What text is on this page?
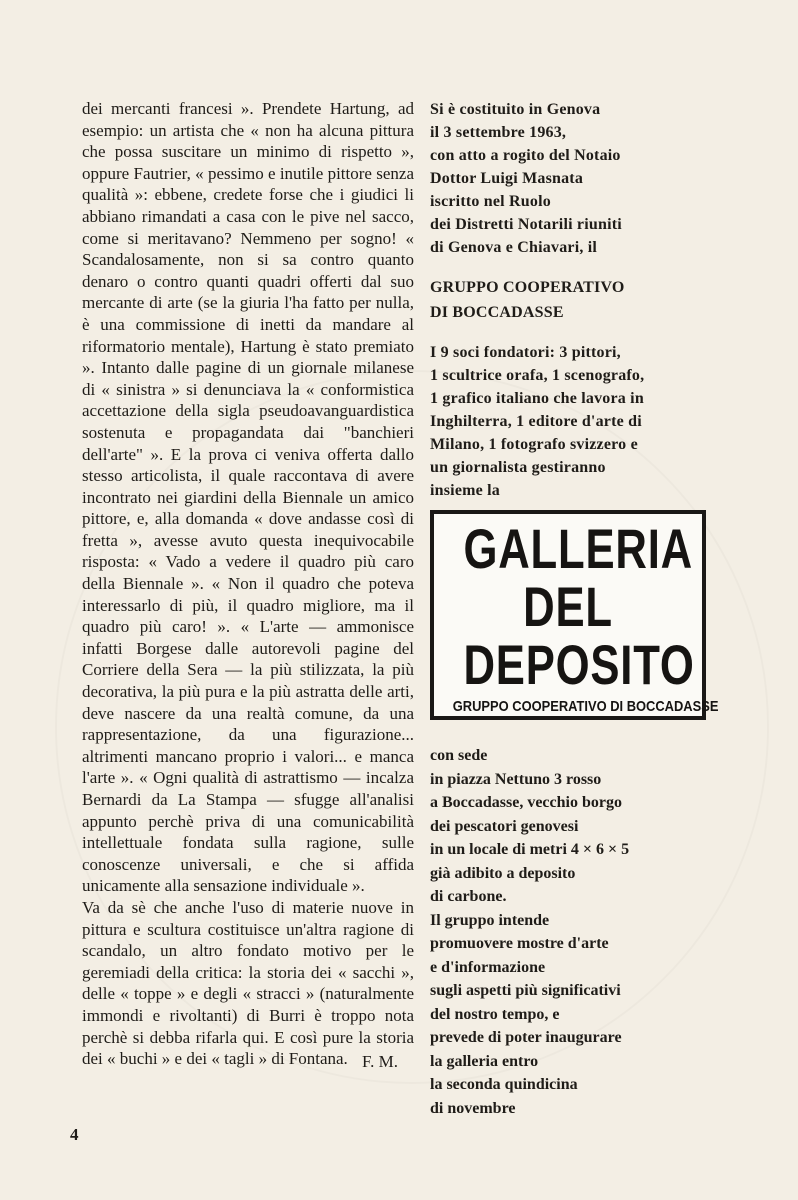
dei mercanti francesi ». Prendete Hartung, ad esempio: un artista che « non ha alcuna pittura che possa suscitare un minimo di rispetto », oppure Fautrier, « pessimo e inutile pittore senza qualità »: ebbene, credete forse che i giudici li abbiano rimandati a casa con le pive nel sacco, come si meritavano? Nemmeno per sogno! « Scandalosamente, non si sa contro quanto denaro o contro quanti quadri offerti dal suo mercante di arte (se la giuria l'ha fatto per nulla, è una commissione di inetti da mandare al riformatorio mentale), Hartung è stato premiato ». Intanto dalle pagine di un giornale milanese di « sinistra » si denunciava la « conformistica accettazione della sigla pseudoavanguardistica sostenuta e propagandata dai "banchieri dell'arte" ». E la prova ci veniva offerta dallo stesso articolista, il quale raccontava di avere incontrato nei giardini della Biennale un amico pittore, e, alla domanda « dove andasse così di fretta », avesse avuto questa inequivocabile risposta: « Vado a vedere il quadro più caro della Biennale ». « Non il quadro che poteva interessarlo di più, il quadro migliore, ma il quadro più caro! ». « L'arte — ammonisce infatti Borgese dalle autorevoli pagine del Corriere della Sera — la più stilizzata, la più decorativa, la più pura e la più astratta delle arti, deve nascere da una realtà comune, da una rappresentazione, da una figurazione... altrimenti mancano proprio i valori... e manca l'arte ». « Ogni qualità di astrattismo — incalza Bernardi da La Stampa — sfugge all'analisi appunto perchè priva di una comunicabilità intellettuale fondata sulla ragione, sulle conoscenze universali, e che si affida unicamente alla sensazione individuale ».

Va da sè che anche l'uso di materie nuove in pittura e scultura costituisce un'altra ragione di scandalo, un altro fondato motivo per le geremiadi della critica: la storia dei « sacchi », delle « toppe » e degli « stracci » (naturalmente immondi e rivoltanti) di Burri è troppo nota perchè si debba rifarla qui. E così pure la storia dei « buchi » e dei « tagli » di Fontana. F. M.
Si è costituito in Genova
il 3 settembre 1963,
con atto a rogito del Notaio
Dottor Luigi Masnata
iscritto nel Ruolo
dei Distretti Notarili riuniti
di Genova e Chiavari, il
GRUPPO COOPERATIVO
DI BOCCADASSE
I 9 soci fondatori: 3 pittori,
1 scultrice orafa, 1 scenografo,
1 grafico italiano che lavora in
Inghilterra, 1 editore d'arte di
Milano, 1 fotografo svizzero e
un giornalista gestiranno
insieme la
GALLERIA
DEL
DEPOSITO
GRUPPO COOPERATIVO DI BOCCADASSE
con sede
in piazza Nettuno 3 rosso
a Boccadasse, vecchio borgo
dei pescatori genovesi
in un locale di metri 4 × 6 × 5
già adibito a deposito
di carbone.
Il gruppo intende
promuovere mostre d'arte
e d'informazione
sugli aspetti più significativi
del nostro tempo, e
prevede di poter inaugurare
la galleria entro
la seconda quindicina
di novembre
4
